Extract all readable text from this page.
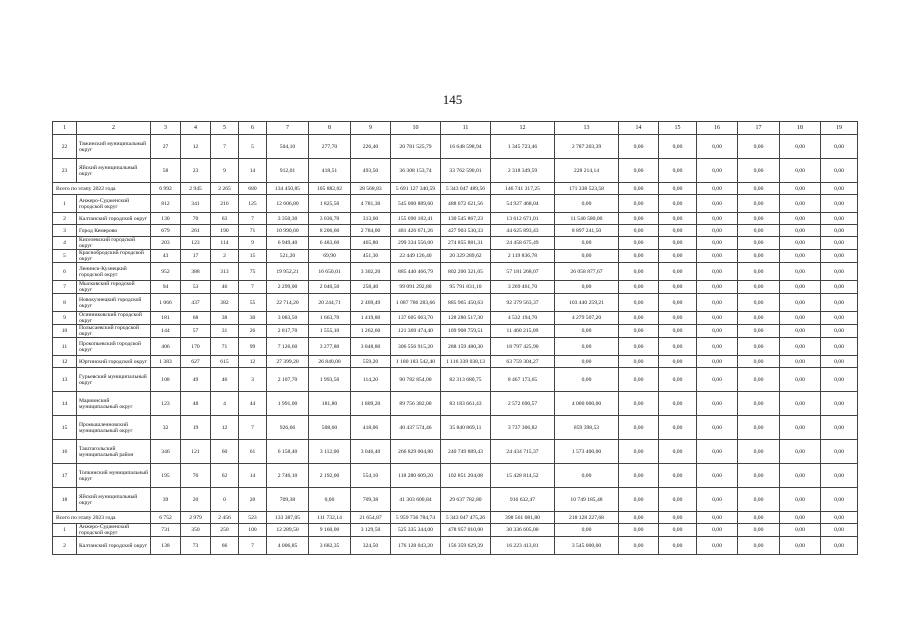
145
1	2	3	4	5	6	7	8	9	10	11	12	13	14	15	16	17	18	19
22	Тяжинский муниципальный округ	27	12	7	5	504,10	277,70	226,40	20 781 525,79	16 648 598,94	1 345 723,46	2 787 203,39	0,00	0,00	0,00	0,00	0,00	0,00
23	Яйский муниципальный округ	58	23	9	14	912,01	418,51	493,50	36 308 153,74	33 762 590,01	2 318 349,59	228 214,14	0,00	0,00	0,00	0,00	0,00	0,00
Всего по этапу 2022 года		6 992	2 945	2 265	680	134 450,85	105 882,02	28 568,83	5 691 127 340,59	5 343 047 489,56	146 741 317,25	171 338 523,58	0,00	0,00	0,00	0,00	0,00	0,00
1	Анжеро-Судженский городской округ	812	341	216	125	12 606,80	1 825,50	4 781,30	545 000 889,60	488 072 621,56	54 927 468,04	0,00	0,00	0,00	0,00	0,00	0,00	0,00
2	Калтанский городской округ	130	70	63	7	3 350,30	3 036,70	313,60	155 690 182,41	130 545 867,23	13 612 671,01	11 540 580,00	0,00	0,00	0,00	0,00	0,00	0,00
3	Город Кемерово	679	261	190	71	10 990,60	8 206,60	2 784,00	481 426 671,26	427 903 530,33	44 625 893,43	8 897 241,50	0,00	0,00	0,00	0,00	0,00	0,00
4	Киселевский городской округ	203	123	114	9	6 949,40	6 483,60	465,80	299 334 556,00	274 855 881,31	24 458 675,49	0,00	0,00	0,00	0,00	0,00	0,00	0,00
5	Краснобродский городской округ	43	17	2	15	521,20	69,90	451,30	22 449 126,40	20 329 289,62	2 119 836,78	0,00	0,00	0,00	0,00	0,00	0,00	0,00
6	Ленинск-Кузнецкий городской округ	952	388	313	75	19 952,21	16 650,01	3 302,20	885 440 466,79	802 200 321,05	57 181 268,07	26 058 877,67	0,00	0,00	0,00	0,00	0,00	0,00
7	Мысковский городской округ	94	53	46	7	2 299,00	2 040,50	258,40	99 091 292,80	95 791 831,10	3 269 461,70	0,00	0,00	0,00	0,00	0,00	0,00	0,00
8	Новокузнецкий городской округ	1 066	437	382	55	22 714,20	20 244,71	2 469,49	1 087 786 283,66	885 965 450,63	92 379 563,37	103 440 259,21	0,00	0,00	0,00	0,00	0,00	0,00
9	Осинниковский городской округ	181	68	38	30	3 083,50	1 663,70	1 419,80	137 605 063,70	128 280 517,30	4 532 194,70	4 279 507,20	0,00	0,00	0,00	0,00	0,00	0,00
10	Полысаевский городской округ	144	57	31	26	2 817,70	1 555,10	1 262,60	121 369 474,40	109 908 759,51	11 460 215,09	0,00	0,00	0,00	0,00	0,00	0,00	0,00
11	Прокопьевский городской округ	406	170	71	99	7 126,60	3 277,80	3 848,80	306 556 915,20	288 159 480,30	18 797 425,90	0,00	0,00	0,00	0,00	0,00	0,00	0,00
12	Юргинский городской округ	1 383	627	615	12	27 399,20	26 840,00	559,20	1 180 183 542,40	1 116 339 038,13	63 759 304,27	0,00	0,00	0,00	0,00	0,00	0,00	0,00
13	Гурьевский муниципальный округ	108	49	46	3	2 107,70	1 993,50	114,20	90 782 854,00	82 313 680,75	8 467 173,65	0,00	0,00	0,00	0,00	0,00	0,00	0,00
14	Мариинский муниципальный округ	123	48	4	44	1 991,00	181,80	1 809,20	89 756 382,00	83 183 661,43	2 572 690,57	4 000 000,00	0,00	0,00	0,00	0,00	0,00	0,00
15	Промышленновский муниципальный округ	32	19	12	7	926,66	508,60	418,06	40 437 574,46	35 840 869,11	3 737 306,82	859 398,53	0,00	0,00	0,00	0,00	0,00	0,00
16	Таштагольский муниципальный район	346	121	60	61	6 158,40	3 112,00	3 046,40	266 829 004,80	240 749 889,43	24 434 715,37	1 573 400,00	0,00	0,00	0,00	0,00	0,00	0,00
17	Топкинский муниципальный округ	195	76	62	14	2 746,10	2 192,00	554,10	118 280 609,20	102 851 204,08	15 428 814,52	0,00	0,00	0,00	0,00	0,00	0,00	0,00
18	Яйский муниципальный округ	39	20	0	20	709,38	0,00	709,38	41 303 600,84	29 637 782,80	916 632,47	10 749 185,48	0,00	0,00	0,00	0,00	0,00	0,00
Всего по этапу 2023 года		6 752	2 979	2 456	523	133 387,05	111 732,14	21 654,87	5 959 736 784,74	5 343 047 475,26	398 561 081,80	218 128 227,68	0,00	0,00	0,00	0,00	0,00	0,00
1	Анжеро-Судженский городской округ	731	350	250	100	12 289,50	9 160,00	3 129,50	525 335 344,00	478 957 010,00	30 336 605,00	0,00	0,00	0,00	0,00	0,00	0,00	0,00
2	Калтанский городской округ	138	73	66	7	4 006,85	3 682,35	324,50	176 128 043,20	156 359 629,39	16 223 413,81	3 545 000,00	0,00	0,00	0,00	0,00	0,00	0,00
